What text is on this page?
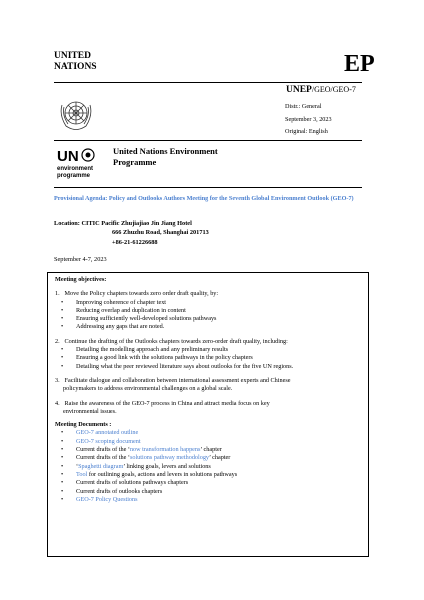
UNITED
NATIONS	EP
UNEP/GEO/GEO-7
Distr.: General
September 3, 2023
Original: English
UN
environment
programme
United Nations Environment
Programme
Provisional Agenda: Policy and Outlooks Authors Meeting for the Seventh Global Environment Outlook (GEO-7)
Location: CITIC Pacific Zhujiajiao Jin Jiang Hotel
666 Zhuzhu Road, Shanghai 201713
+86-21-61226688
September 4-7, 2023
Meeting objectives:
1. Move the Policy chapters towards zero order draft quality, by:
• Improving coherence of chapter text
• Reducing overlap and duplication in content
• Ensuring sufficiently well-developed solutions pathways
• Addressing any gaps that are noted.
2. Continue the drafting of the Outlooks chapters towards zero-order draft quality, including:
• Detailing the modelling approach and any preliminary results
• Ensuring a good link with the solutions pathways in the policy chapters
• Detailing what the peer reviewed literature says about outlooks for the five UN regions.
3. Facilitate dialogue and collaboration between international assessment experts and Chinese
policymakers to address environmental challenges on a global scale.
4. Raise the awareness of the GEO-7 process in China and attract media focus on key
environmental issues.
Meeting Documents :
• GEO-7 annotated outline
• GEO-7 scoping document
• Current drafts of the ‘now transformation happens’ chapter
• Current drafts of the ‘solutions pathway methodology’ chapter
• ‘Spaghetti diagram’ linking goals, levers and solutions
• Tool for outlining goals, actions and levers in solutions pathways
• Current drafts of solutions pathways chapters
• Current drafts of outlooks chapters
• GEO-7 Policy Questions
